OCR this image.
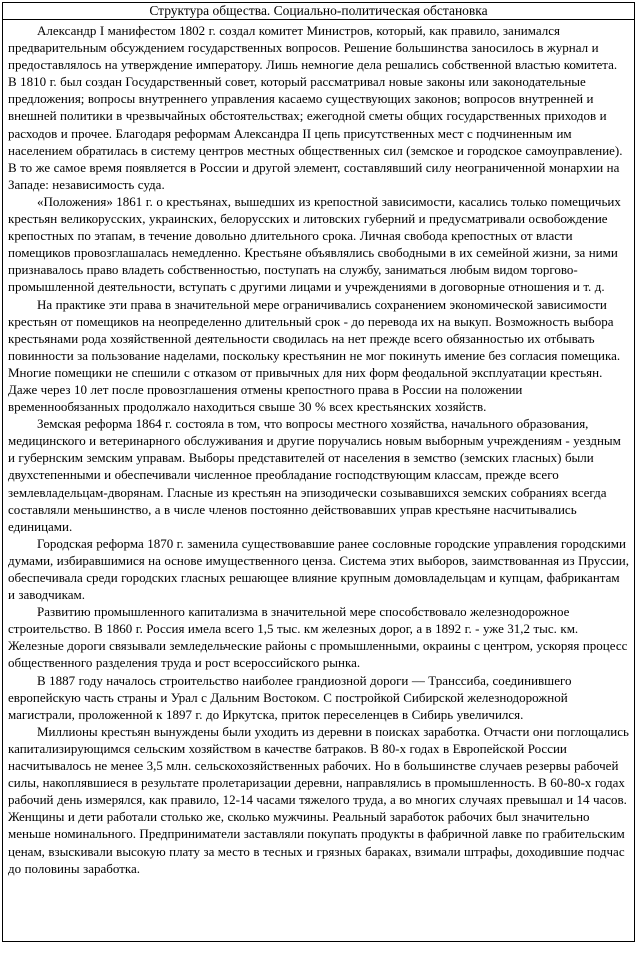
Структура общества. Социально-политическая обстановка

Александр I манифестом 1802 г. создал комитет Министров, который, как правило, занимался предварительным обсуждением государственных вопросов. Решение большинства заносилось в журнал и предоставлялось на утверждение императору. Лишь немногие дела решались собственной властью комитета. В 1810 г. был создан Государственный совет, который рассматривал новые законы или законодательные предложения; вопросы внутреннего управления касаемо существующих законов; вопросов внутренней и внешней политики в чрезвычайных обстоятельствах; ежегодной сметы общих государственных приходов и расходов и прочее. Благодаря реформам Александра II цепь присутственных мест с подчиненным им населением обратилась в систему центров местных общественных сил (земское и городское самоуправление). В то же самое время появляется в России и другой элемент, составлявший силу неограниченной монархии на Западе: независимость суда.

«Положения» 1861 г. о крестьянах, вышедших из крепостной зависимости, касались только помещичьих крестьян великорусских, украинских, белорусских и литовских губерний и предусматривали освобождение крепостных по этапам, в течение довольно длительного срока. Личная свобода крепостных от власти помещиков провозглашалась немедленно. Крестьяне объявлялись свободными в их семейной жизни, за ними признавалось право владеть собственностью, поступать на службу, заниматься любым видом торгово-промышленной деятельности, вступать с другими лицами и учреждениями в договорные отношения и т. д.

На практике эти права в значительной мере ограничивались сохранением экономической зависимости крестьян от помещиков на неопределенно длительный срок - до перевода их на выкуп. Возможность выбора крестьянами рода хозяйственной деятельности сводилась на нет прежде всего обязанностью их отбывать повинности за пользование наделами, поскольку крестьянин не мог покинуть имение без согласия помещика. Многие помещики не спешили с отказом от привычных для них форм феодальной эксплуатации крестьян. Даже через 10 лет после провозглашения отмены крепостного права в России на положении временнообязанных продолжало находиться свыше 30 % всех крестьянских хозяйств.

Земская реформа 1864 г. состояла в том, что вопросы местного хозяйства, начального образования, медицинского и ветеринарного обслуживания и другие поручались новым выборным учреждениям - уездным и губернским земским управам. Выборы представителей от населения в земство (земских гласных) были двухстепенными и обеспечивали численное преобладание господствующим классам, прежде всего землевладельцам-дворянам. Гласные из крестьян на эпизодически созывавшихся земских собраниях всегда составляли меньшинство, а в числе членов постоянно действовавших управ крестьяне насчитывались единицами.

Городская реформа 1870 г. заменила существовавшие ранее сословные городские управления городскими думами, избиравшимися на основе имущественного ценза. Система этих выборов, заимствованная из Пруссии, обеспечивала среди городских гласных решающее влияние крупным домовладельцам и купцам, фабрикантам и заводчикам.

Развитию промышленного капитализма в значительной мере способствовало железнодорожное строительство. В 1860 г. Россия имела всего 1,5 тыс. км железных дорог, а в 1892 г. - уже 31,2 тыс. км. Железные дороги связывали земледельческие районы с промышленными, окраины с центром, ускоряя процесс общественного разделения труда и рост всероссийского рынка.

В 1887 году началось строительство наиболее грандиозной дороги — Транссиба, соединившего европейскую часть страны и Урал с Дальним Востоком. С постройкой Сибирской железнодорожной магистрали, проложенной к 1897 г. до Иркутска, приток переселенцев в Сибирь увеличился.

Миллионы крестьян вынуждены были уходить из деревни в поисках заработка. Отчасти они поглощались капитализирующимся сельским хозяйством в качестве батраков. В 80-х годах в Европейской России насчитывалось не менее 3,5 млн. сельскохозяйственных рабочих. Но в большинстве случаев резервы рабочей силы, накоплявшиеся в результате пролетаризации деревни, направлялись в промышленность. В 60-80-х годах рабочий день измерялся, как правило, 12-14 часами тяжелого труда, а во многих случаях превышал и 14 часов. Женщины и дети работали столько же, сколько мужчины. Реальный заработок рабочих был значительно меньше номинального. Предприниматели заставляли покупать продукты в фабричной лавке по грабительским ценам, взыскивали высокую плату за место в тесных и грязных бараках, взимали штрафы, доходившие подчас до половины заработка.
